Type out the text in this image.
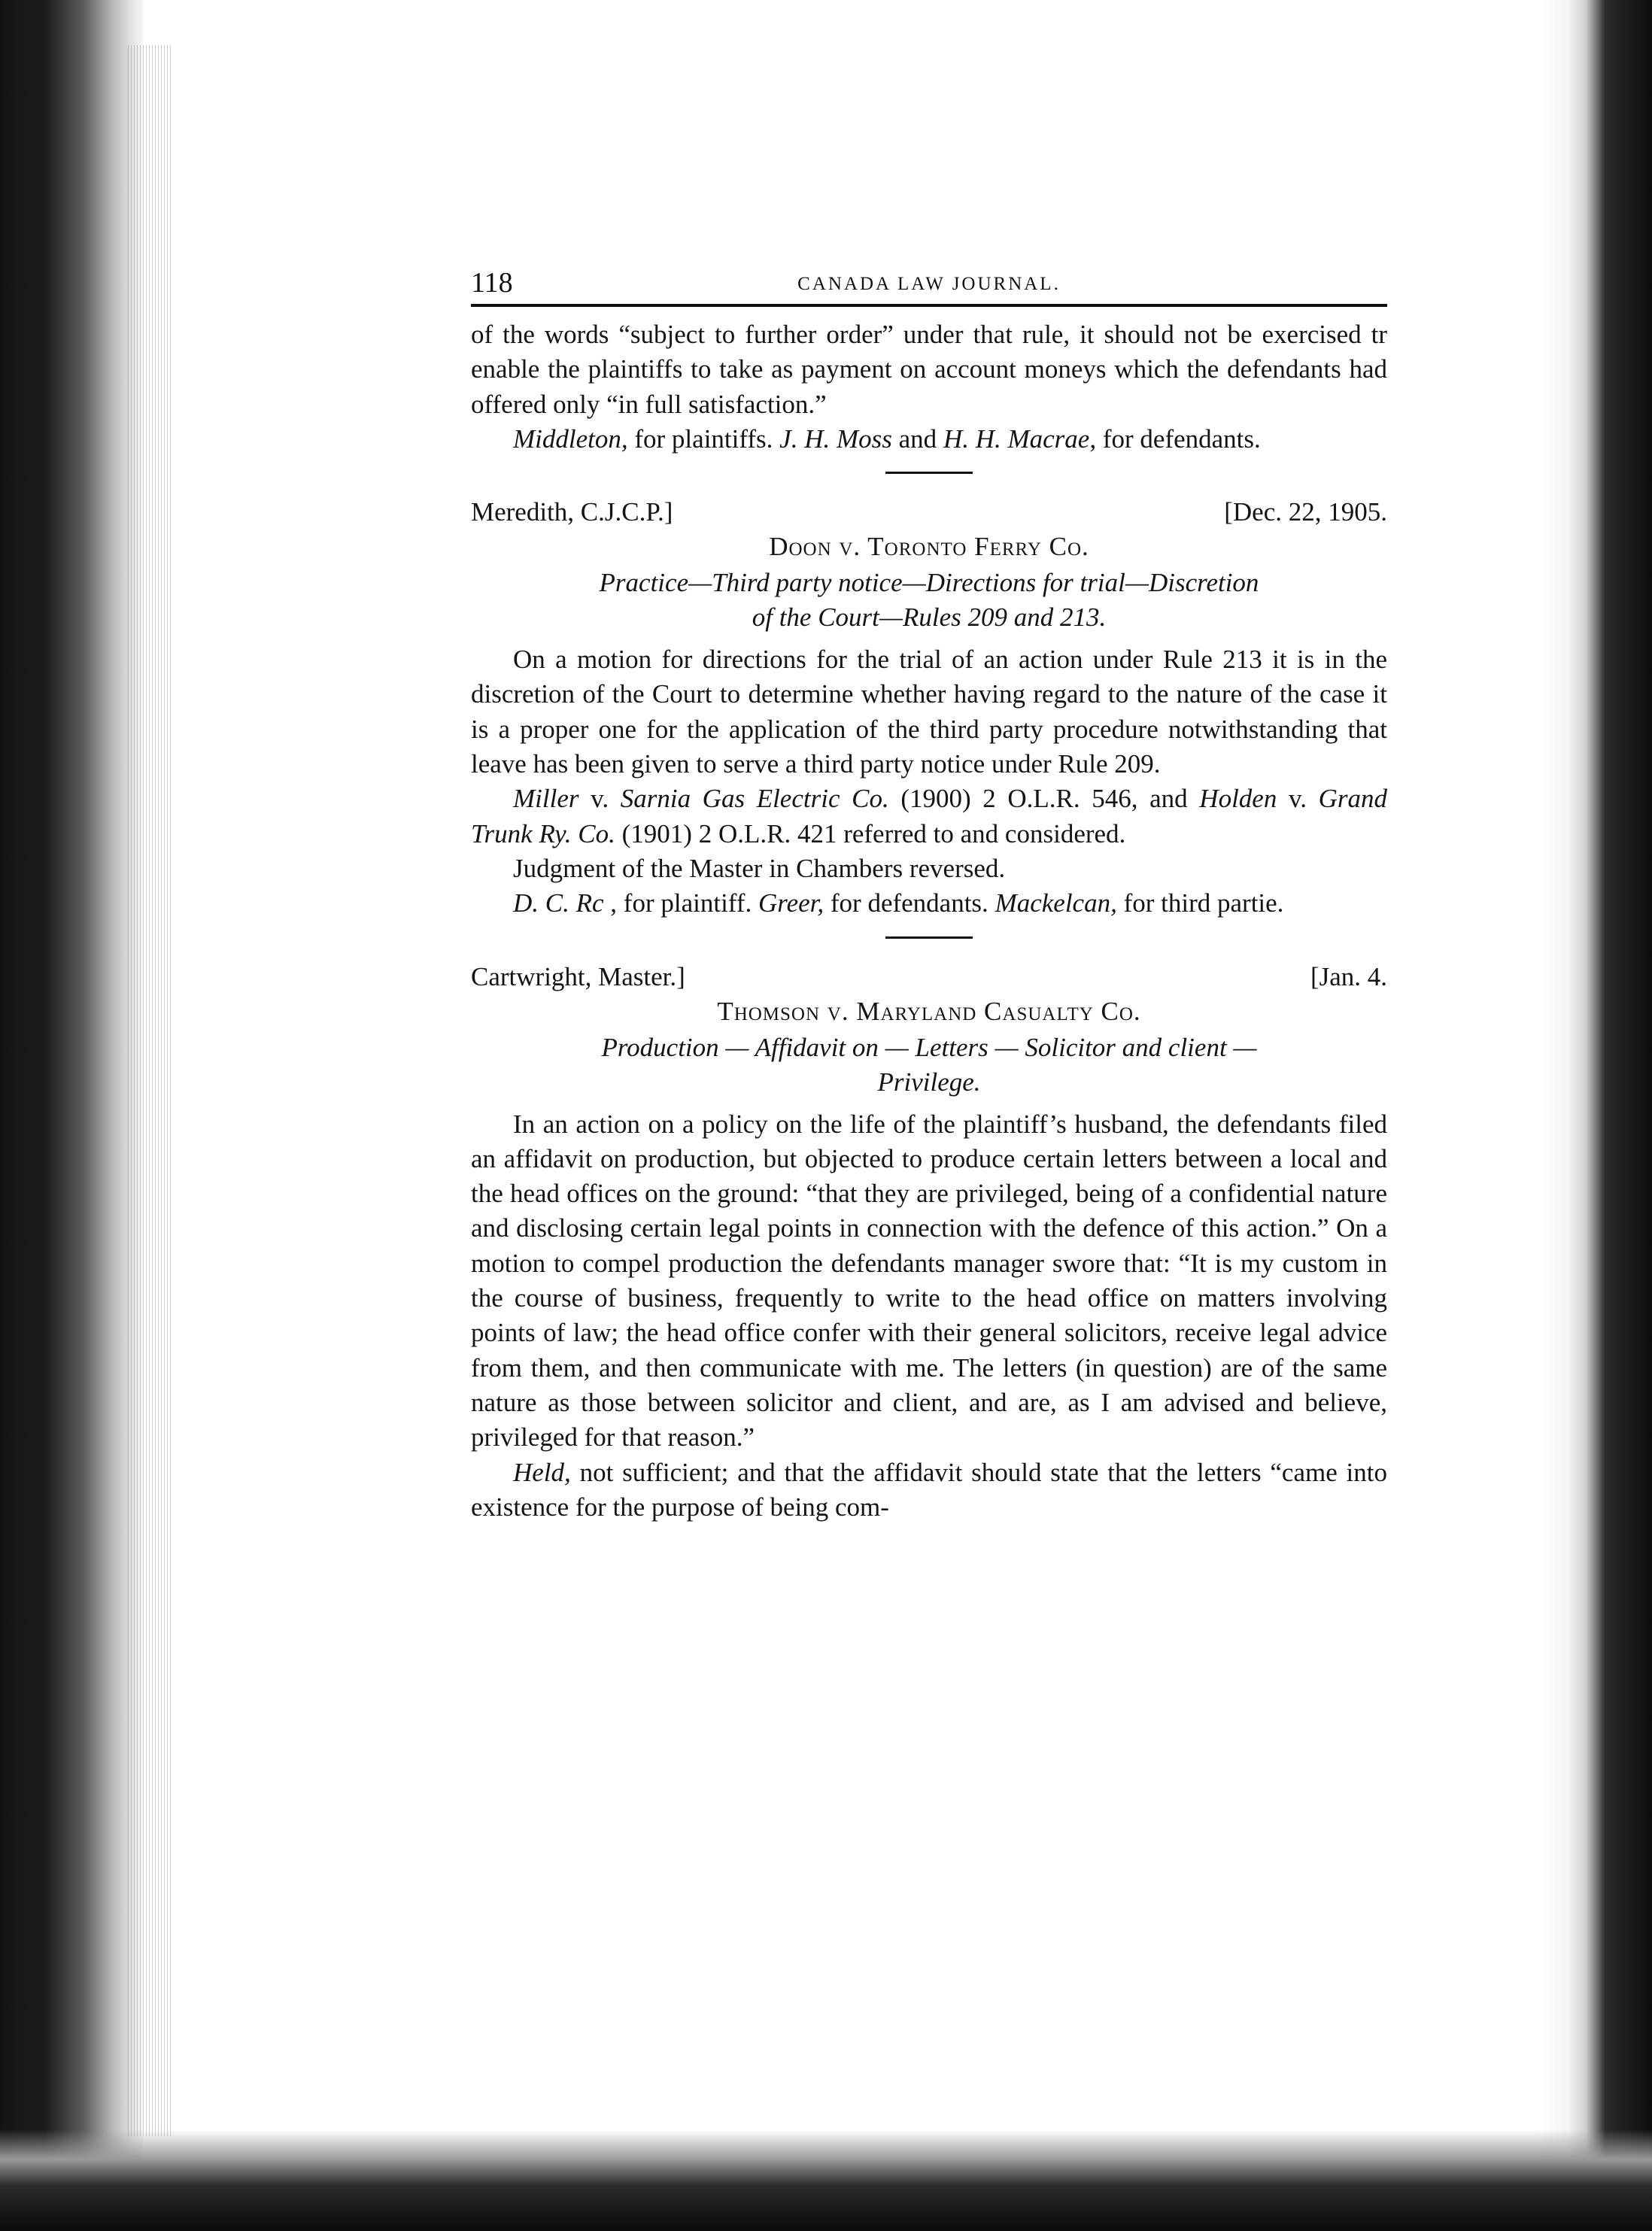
118	CANADA LAW JOURNAL.

of the words “subject to further order” under that rule, it should not be exercised tr enable the plaintiffs to take as payment on account moneys which the defendants had offered only “in full satisfaction.”

Middleton, for plaintiffs. J. H. Moss and H. H. Macrae, for defendants.

Meredith, C.J.C.P.]	[Dec. 22, 1905.
Doon v. Toronto Ferry Co.
Practice—Third party notice—Directions for trial—Discretion
of the Court—Rules 209 and 213.

On a motion for directions for the trial of an action under Rule 213 it is in the discretion of the Court to determine whether having regard to the nature of the case it is a proper one for the application of the third party procedure notwithstanding that leave has been given to serve a third party notice under Rule 209.

Miller v. Sarnia Gas Electric Co. (1900) 2 O.L.R. 546, and Holden v. Grand Trunk Ry. Co. (1901) 2 O.L.R. 421 referred to and considered.

Judgment of the Master in Chambers reversed.

D. C. Rc , for plaintiff. Greer, for defendants. Mackelcan, for third partie.

Cartwright, Master.]	[Jan. 4.
Thomson v. Maryland Casualty Co.
Production — Affidavit on — Letters — Solicitor and client —
Privilege.

In an action on a policy on the life of the plaintiff’s husband, the defendants filed an affidavit on production, but objected to produce certain letters between a local and the head offices on the ground: “that they are privileged, being of a confidential nature and disclosing certain legal points in connection with the defence of this action.” On a motion to compel production the defendants manager swore that: “It is my custom in the course of business, frequently to write to the head office on matters involving points of law; the head office confer with their general solicitors, receive legal advice from them, and then communicate with me. The letters (in question) are of the same nature as those between solicitor and client, and are, as I am advised and believe, privileged for that reason.”

Held, not sufficient; and that the affidavit should state that the letters “came into existence for the purpose of being com-
